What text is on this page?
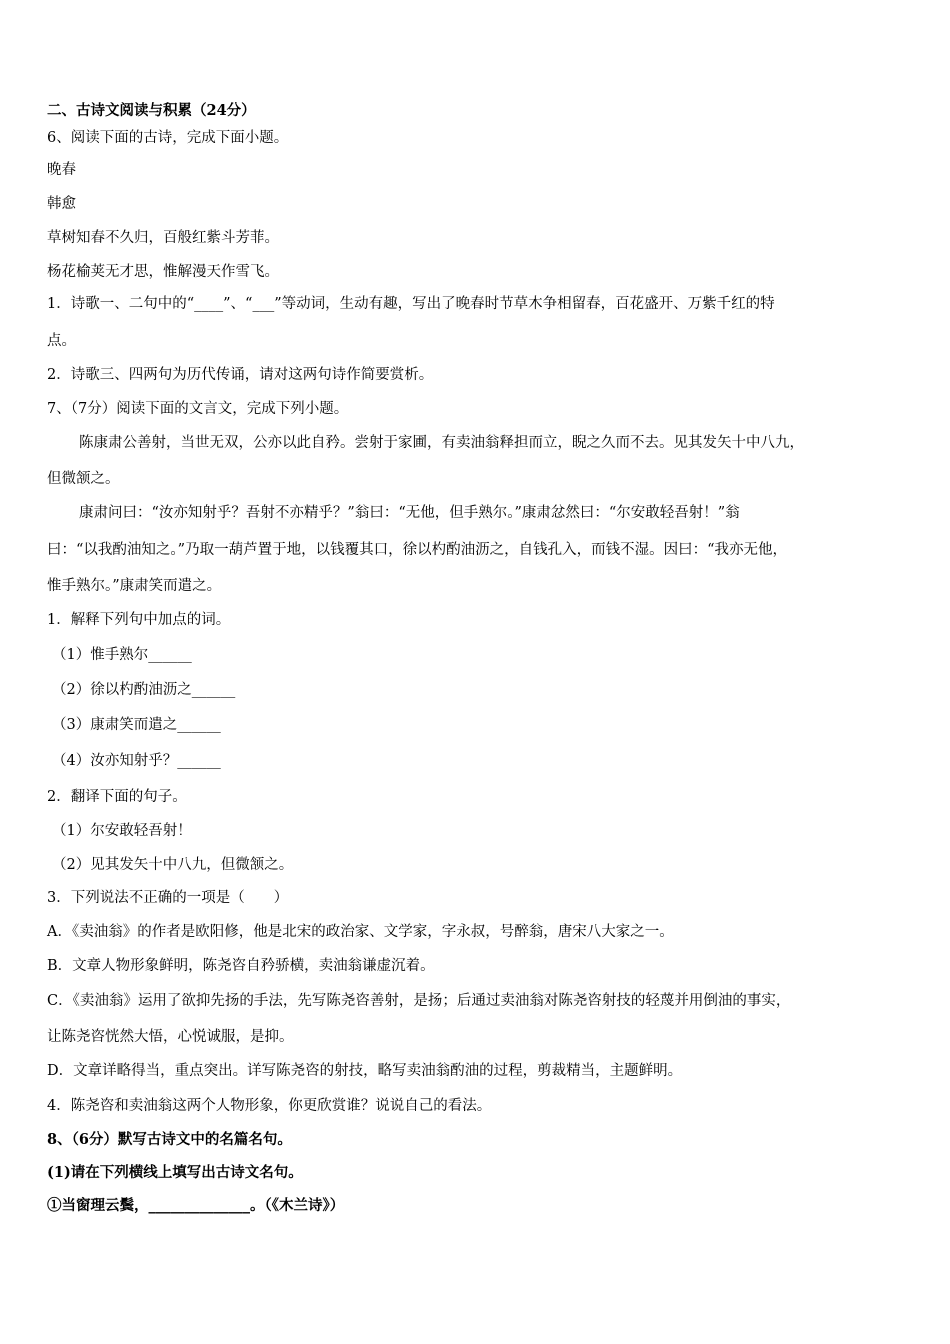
二、古诗文阅读与积累（24分）
6、阅读下面的古诗，完成下面小题。
晚春
韩愈
草树知春不久归，百般红紫斗芳菲。
杨花榆荚无才思，惟解漫天作雪飞。
1．诗歌一、二句中的“____”、“___”等动词，生动有趣，写出了晚春时节草木争相留春，百花盛开、万紫千红的特
点。
2．诗歌三、四两句为历代传诵，请对这两句诗作简要赏析。
7、（7分）阅读下面的文言文，完成下列小题。
陈康肃公善射，当世无双，公亦以此自矜。尝射于家圃，有卖油翁释担而立，睨之久而不去。见其发矢十中八九，
但微颔之。
康肃问曰：“汝亦知射乎？吾射不亦精乎？”翁曰：“无他，但手熟尔。”康肃忿然曰：“尔安敢轻吾射！”翁
曰：“以我酌油知之。”乃取一葫芦置于地，以钱覆其口，徐以杓酌油沥之，自钱孔入，而钱不湿。因曰：“我亦无他，
惟手熟尔。”康肃笑而遣之。
1．解释下列句中加点的词。
（1）惟手熟尔______
（2）徐以杓酌油沥之______
（3）康肃笑而遣之______
（4）汝亦知射乎？______
2．翻译下面的句子。
（1）尔安敢轻吾射！
（2）见其发矢十中八九，但微颔之。
3．下列说法不正确的一项是（　　）
A．《卖油翁》的作者是欧阳修，他是北宋的政治家、文学家，字永叔，号醉翁，唐宋八大家之一。
B．文章人物形象鲜明，陈尧咨自矜骄横，卖油翁谦虚沉着。
C．《卖油翁》运用了欲抑先扬的手法，先写陈尧咨善射，是扬；后通过卖油翁对陈尧咨射技的轻蔑并用倒油的事实，
让陈尧咨恍然大悟，心悦诚服，是抑。
D．文章详略得当，重点突出。详写陈尧咨的射技，略写卖油翁酌油的过程，剪裁精当，主题鲜明。
4．陈尧咨和卖油翁这两个人物形象，你更欣赏谁？说说自己的看法。
8、（6分）默写古诗文中的名篇名句。
(1)请在下列横线上填写出古诗文名句。
①当窗理云鬓，______________。（《木兰诗》）
